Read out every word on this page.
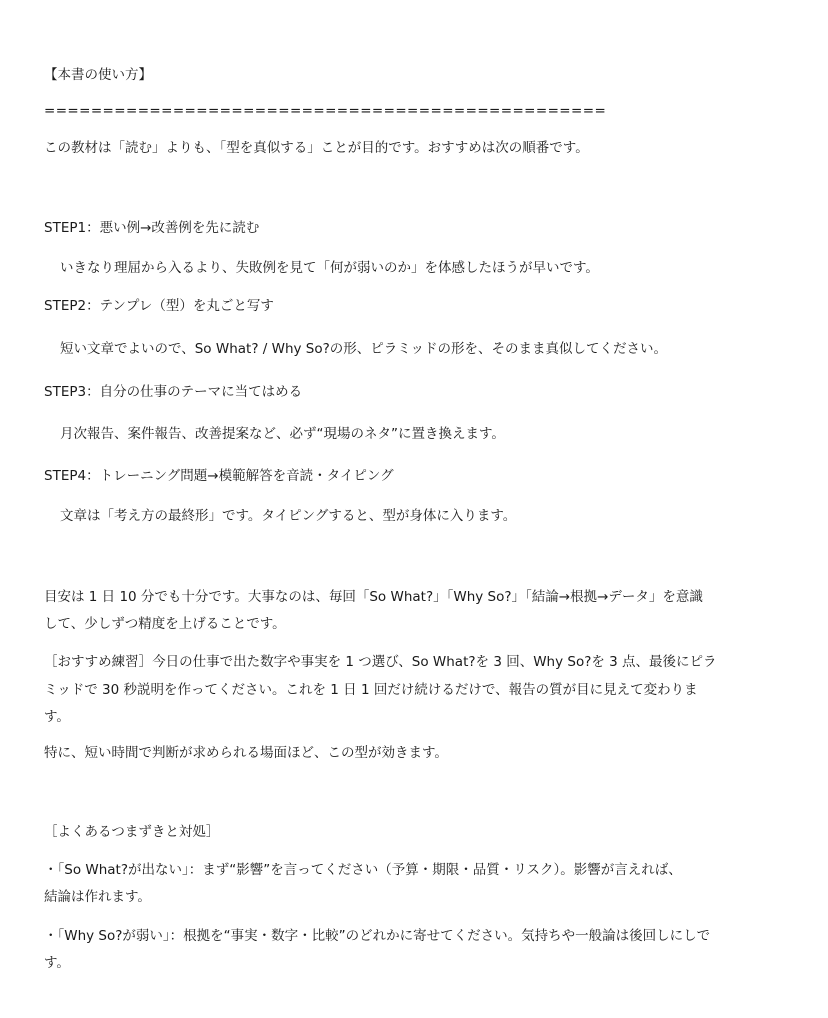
【本書の使い方】
================================================
この教材は「読む」よりも、「型を真似する」ことが目的です。おすすめは次の順番です。
STEP1：悪い例→改善例を先に読む
いきなり理屈から入るより、失敗例を見て「何が弱いのか」を体感したほうが早いです。
STEP2：テンプレ（型）を丸ごと写す
短い文章でよいので、So What? / Why So?の形、ピラミッドの形を、そのまま真似してください。
STEP3：自分の仕事のテーマに当てはめる
月次報告、案件報告、改善提案など、必ず“現場のネタ”に置き換えます。
STEP4：トレーニング問題→模範解答を音読・タイピング
文章は「考え方の最終形」です。タイピングすると、型が身体に入ります。
目安は 1 日 10 分でも十分です。大事なのは、毎回「So What?」「Why So?」「結論→根拠→データ」を意識
して、少しずつ精度を上げることです。
［おすすめ練習］今日の仕事で出た数字や事実を 1 つ選び、So What?を 3 回、Why So?を 3 点、最後にピラ
ミッドで 30 秒説明を作ってください。これを 1 日 1 回だけ続けるだけで、報告の質が目に見えて変わりま
す。
特に、短い時間で判断が求められる場面ほど、この型が効きます。
［よくあるつまずきと対処］
・「So What?が出ない」：まず“影響”を言ってください（予算・期限・品質・リスク）。影響が言えれば、
結論は作れます。
・「Why So?が弱い」：根拠を“事実・数字・比較”のどれかに寄せてください。気持ちや一般論は後回しにしで
す。
